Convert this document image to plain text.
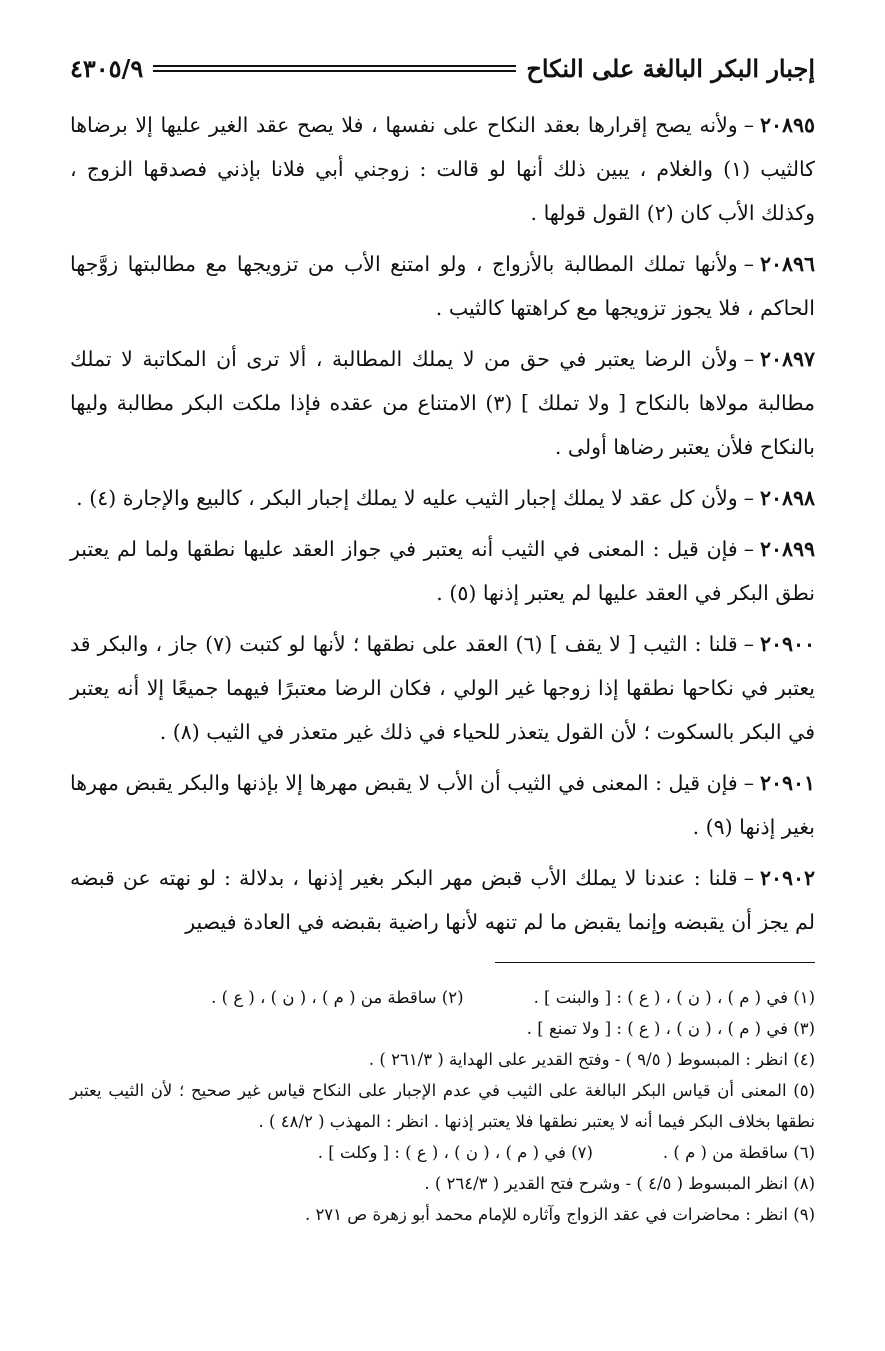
إجبار البكر البالغة على النكاح
٤٣٠٥/٩

٢٠٨٩٥–ولأنه يصح إقرارها بعقد النكاح على نفسها ، فلا يصح عقد الغير عليها إلا برضاها كالثيب (١) والغلام ، يبين ذلك أنها لو قالت : زوجني أبي فلانا بإذني فصدقها الزوج ، وكذلك الأب كان (٢) القول قولها .

٢٠٨٩٦–ولأنها تملك المطالبة بالأزواج ، ولو امتنع الأب من تزويجها مع مطالبتها زوَّجها الحاكم ، فلا يجوز تزويجها مع كراهتها كالثيب .

٢٠٨٩٧–ولأن الرضا يعتبر في حق من لا يملك المطالبة ، ألا ترى أن المكاتبة لا تملك مطالبة مولاها بالنكاح [ ولا تملك ] (٣) الامتناع من عقده فإذا ملكت البكر مطالبة وليها بالنكاح فلأن يعتبر رضاها أولى .

٢٠٨٩٨–ولأن كل عقد لا يملك إجبار الثيب عليه لا يملك إجبار البكر ، كالبيع والإجارة (٤) .

٢٠٨٩٩–فإن قيل : المعنى في الثيب أنه يعتبر في جواز العقد عليها نطقها ولما لم يعتبر نطق البكر في العقد عليها لم يعتبر إذنها (٥) .

٢٠٩٠٠–قلنا : الثيب [ لا يقف ] (٦) العقد على نطقها ؛ لأنها لو كتبت (٧) جاز ، والبكر قد يعتبر في نكاحها نطقها إذا زوجها غير الولي ، فكان الرضا معتبرًا فيهما جميعًا إلا أنه يعتبر في البكر بالسكوت ؛ لأن القول يتعذر للحياء في ذلك غير متعذر في الثيب (٨) .

٢٠٩٠١–فإن قيل : المعنى في الثيب أن الأب لا يقبض مهرها إلا بإذنها والبكر يقبض مهرها بغير إذنها (٩) .

٢٠٩٠٢–قلنا : عندنا لا يملك الأب قبض مهر البكر بغير إذنها ، بدلالة : لو نهته عن قبضه لم يجز أن يقبضه وإنما يقبض ما لم تنهه لأنها راضية بقبضه في العادة فيصير

(١) في ( م ) ، ( ن ) ، ( ع ) : [ والبنت ] .

(٢) ساقطة من ( م ) ، ( ن ) ، ( ع ) .

(٣) في ( م ) ، ( ن ) ، ( ع ) : [ ولا تمنع ] .

(٤) انظر : المبسوط ( ٩/٥ ) - وفتح القدير على الهداية ( ٢٦١/٣ ) .

(٥) المعنى أن قياس البكر البالغة على الثيب في عدم الإجبار على النكاح قياس غير صحيح ؛ لأن الثيب يعتبر نطقها بخلاف البكر فيما أنه لا يعتبر نطقها فلا يعتبر إذنها . انظر : المهذب ( ٤٨/٢ ) .

(٦) ساقطة من ( م ) .

(٧) في ( م ) ، ( ن ) ، ( ع ) : [ وكلت ] .

(٨) انظر المبسوط ( ٤/٥ ) - وشرح فتح القدير ( ٢٦٤/٣ ) .

(٩) انظر : محاضرات في عقد الزواج وآثاره للإمام محمد أبو زهرة ص ٢٧١ .
